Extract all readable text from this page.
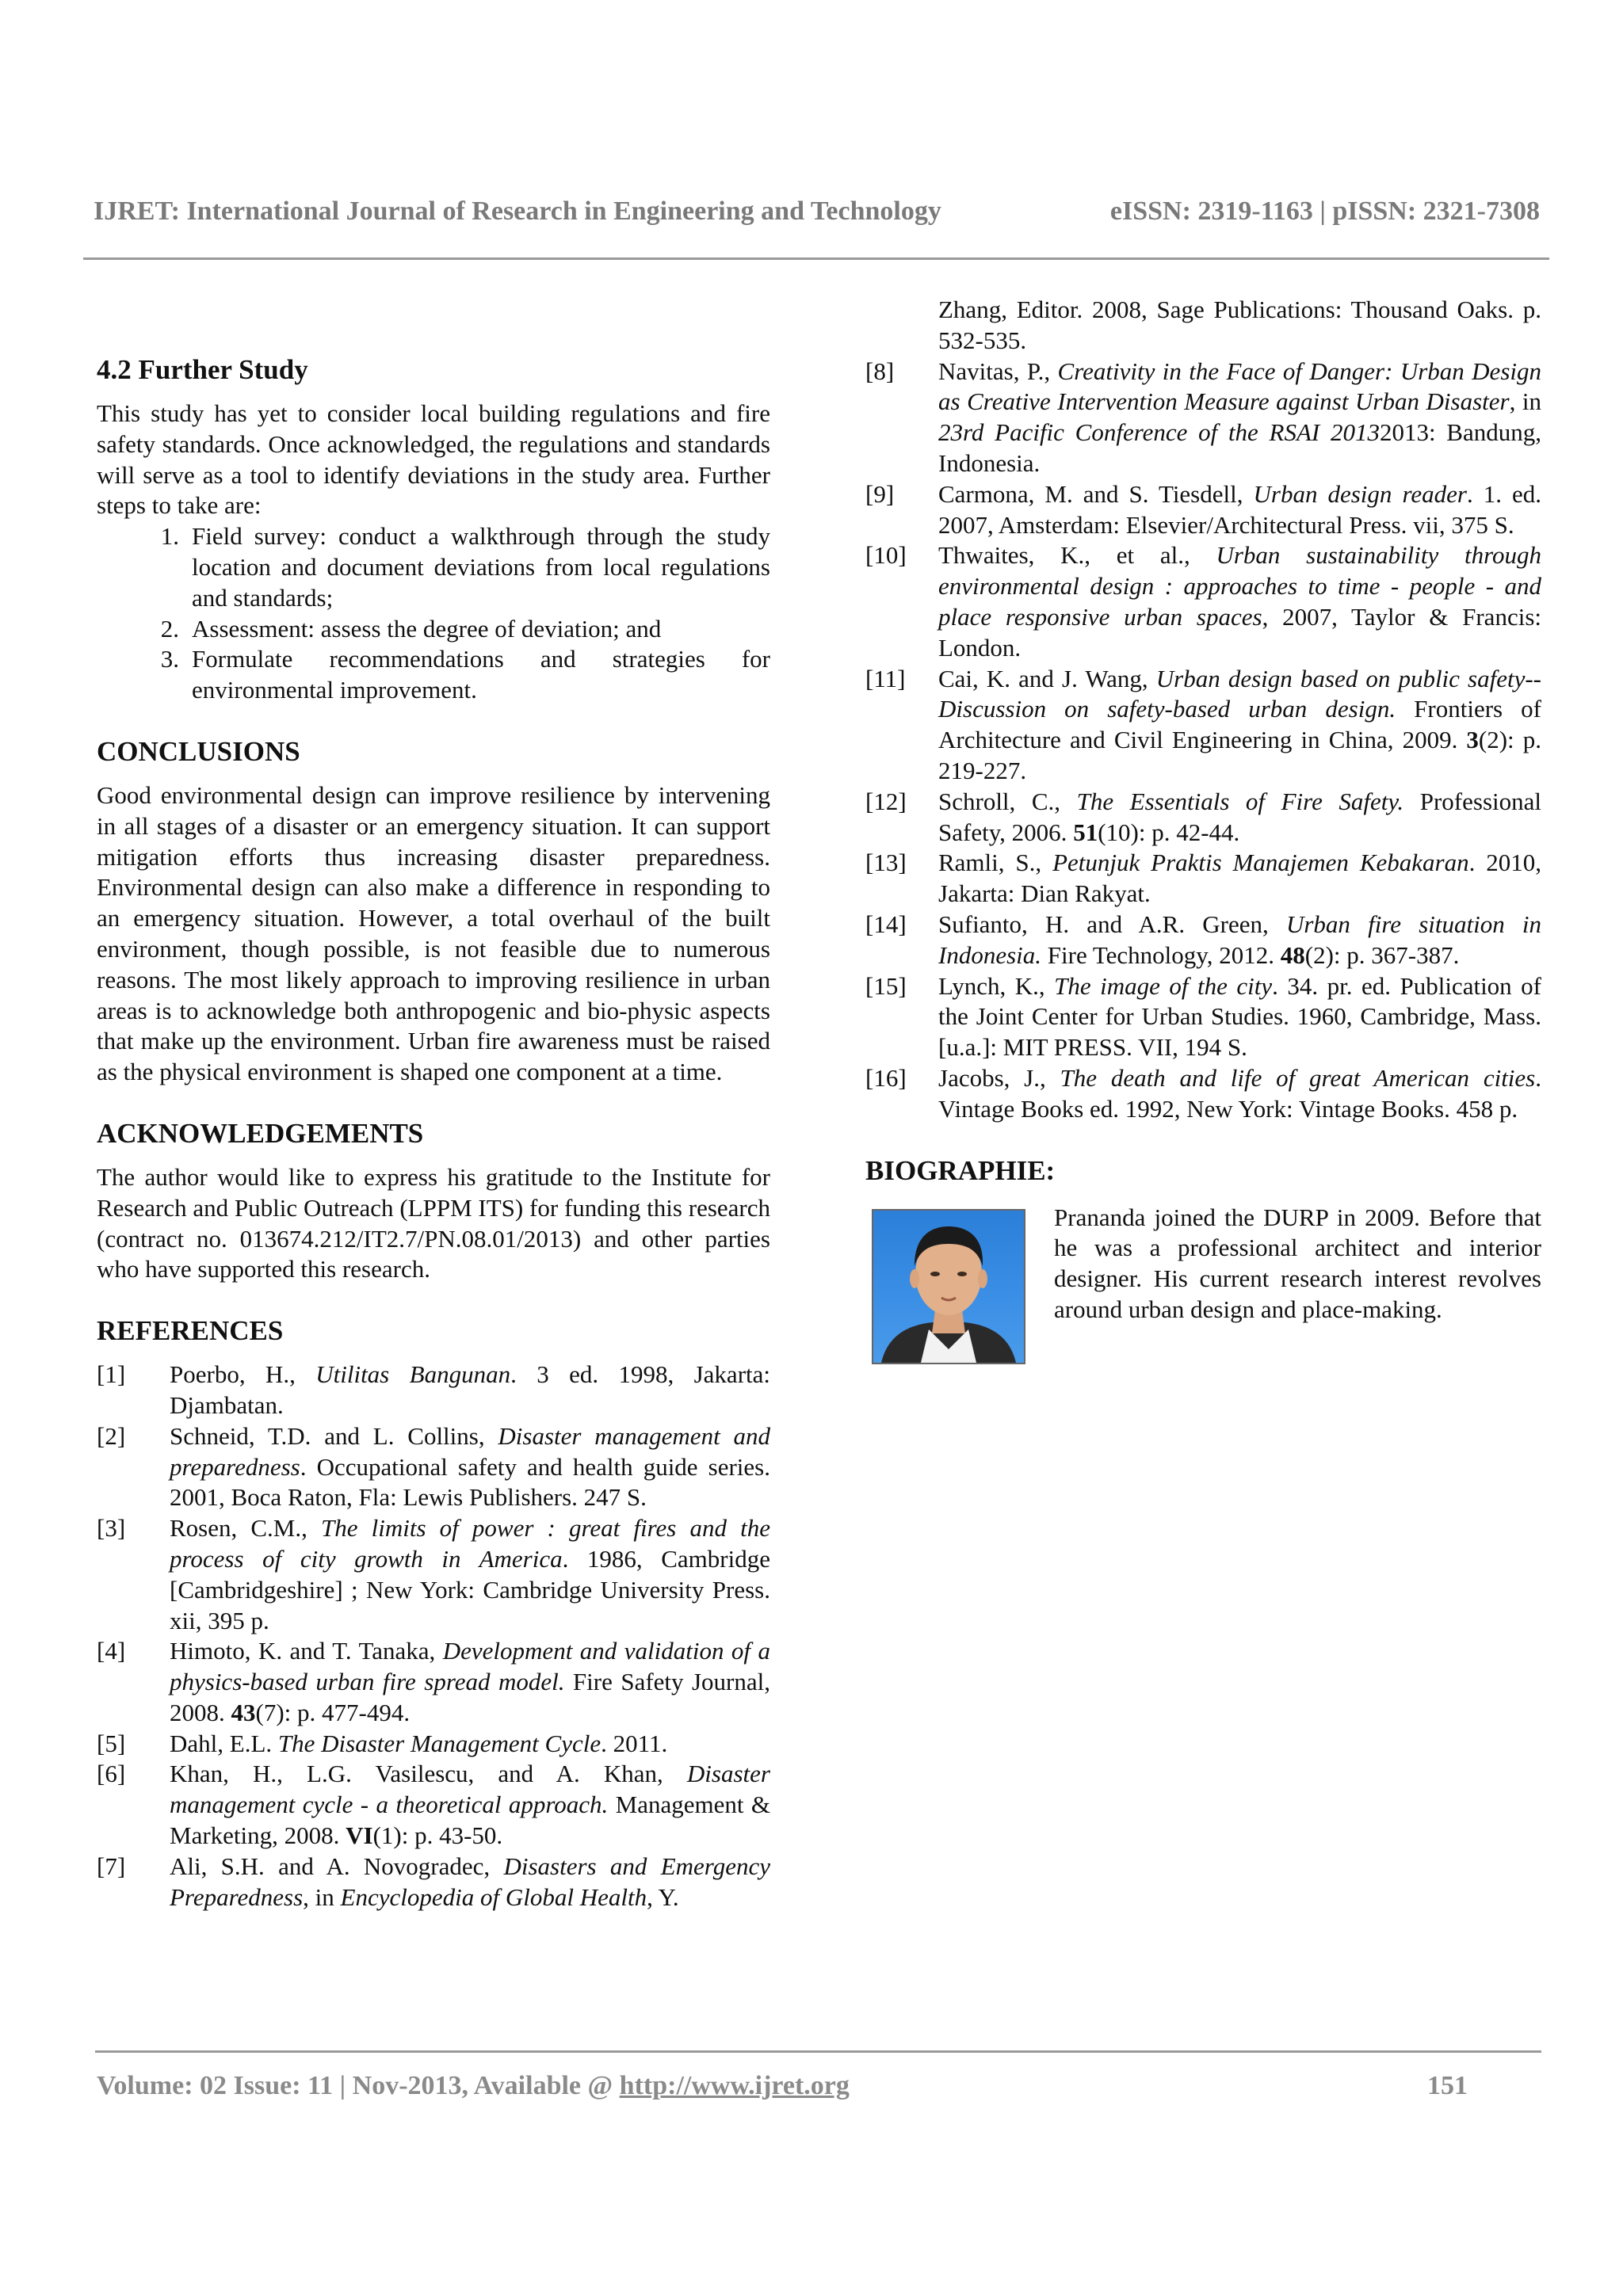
IJRET: International Journal of Research in Engineering and Technology	eISSN: 2319-1163 | pISSN: 2321-7308
4.2 Further Study

This study has yet to consider local building regulations and fire safety standards. Once acknowledged, the regulations and standards will serve as a tool to identify deviations in the study area. Further steps to take are:

1. Field survey: conduct a walkthrough through the study location and document deviations from local regulations and standards;
2. Assessment: assess the degree of deviation; and
3. Formulate recommendations and strategies for environmental improvement.
CONCLUSIONS

Good environmental design can improve resilience by intervening in all stages of a disaster or an emergency situation. It can support mitigation efforts thus increasing disaster preparedness. Environmental design can also make a difference in responding to an emergency situation. However, a total overhaul of the built environment, though possible, is not feasible due to numerous reasons. The most likely approach to improving resilience in urban areas is to acknowledge both anthropogenic and bio-physic aspects that make up the environment. Urban fire awareness must be raised as the physical environment is shaped one component at a time.

ACKNOWLEDGEMENTS

The author would like to express his gratitude to the Institute for Research and Public Outreach (LPPM ITS) for funding this research (contract no. 013674.212/IT2.7/PN.08.01/2013) and other parties who have supported this research.

REFERENCES
[1]	Poerbo, H., Utilitas Bangunan. 3 ed. 1998, Jakarta: Djambatan.
[2]	Schneid, T.D. and L. Collins, Disaster management and preparedness. Occupational safety and health guide series. 2001, Boca Raton, Fla: Lewis Publishers. 247 S.
[3]	Rosen, C.M., The limits of power : great fires and the process of city growth in America. 1986, Cambridge [Cambridgeshire] ; New York: Cambridge University Press. xii, 395 p.
[4]	Himoto, K. and T. Tanaka, Development and validation of a physics-based urban fire spread model. Fire Safety Journal, 2008. 43(7): p. 477-494.
[5]	Dahl, E.L. The Disaster Management Cycle. 2011.
[6]	Khan, H., L.G. Vasilescu, and A. Khan, Disaster management cycle - a theoretical approach. Management & Marketing, 2008. VI(1): p. 43-50.
[7]	Ali, S.H. and A. Novogradec, Disasters and Emergency Preparedness, in Encyclopedia of Global Health, Y.
Zhang, Editor. 2008, Sage Publications: Thousand Oaks. p. 532-535.
[8]	Navitas, P., Creativity in the Face of Danger: Urban Design as Creative Intervention Measure against Urban Disaster, in 23rd Pacific Conference of the RSAI 20132013: Bandung, Indonesia.
[9]	Carmona, M. and S. Tiesdell, Urban design reader. 1. ed. 2007, Amsterdam: Elsevier/Architectural Press. vii, 375 S.
[10]	Thwaites, K., et al., Urban sustainability through environmental design : approaches to time - people - and place responsive urban spaces, 2007, Taylor & Francis: London.
[11]	Cai, K. and J. Wang, Urban design based on public safety--Discussion on safety-based urban design. Frontiers of Architecture and Civil Engineering in China, 2009. 3(2): p. 219-227.
[12]	Schroll, C., The Essentials of Fire Safety. Professional Safety, 2006. 51(10): p. 42-44.
[13]	Ramli, S., Petunjuk Praktis Manajemen Kebakaran. 2010, Jakarta: Dian Rakyat.
[14]	Sufianto, H. and A.R. Green, Urban fire situation in Indonesia. Fire Technology, 2012. 48(2): p. 367-387.
[15]	Lynch, K., The image of the city. 34. pr. ed. Publication of the Joint Center for Urban Studies. 1960, Cambridge, Mass.[u.a.]: MIT PRESS. VII, 194 S.
[16]	Jacobs, J., The death and life of great American cities. Vintage Books ed. 1992, New York: Vintage Books. 458 p.
BIOGRAPHIE:

Prananda joined the DURP in 2009. Before that he was a professional architect and interior designer. His current research interest revolves around urban design and place-making.

Volume: 02 Issue: 11 | Nov-2013, Available @ http://www.ijret.org	151
